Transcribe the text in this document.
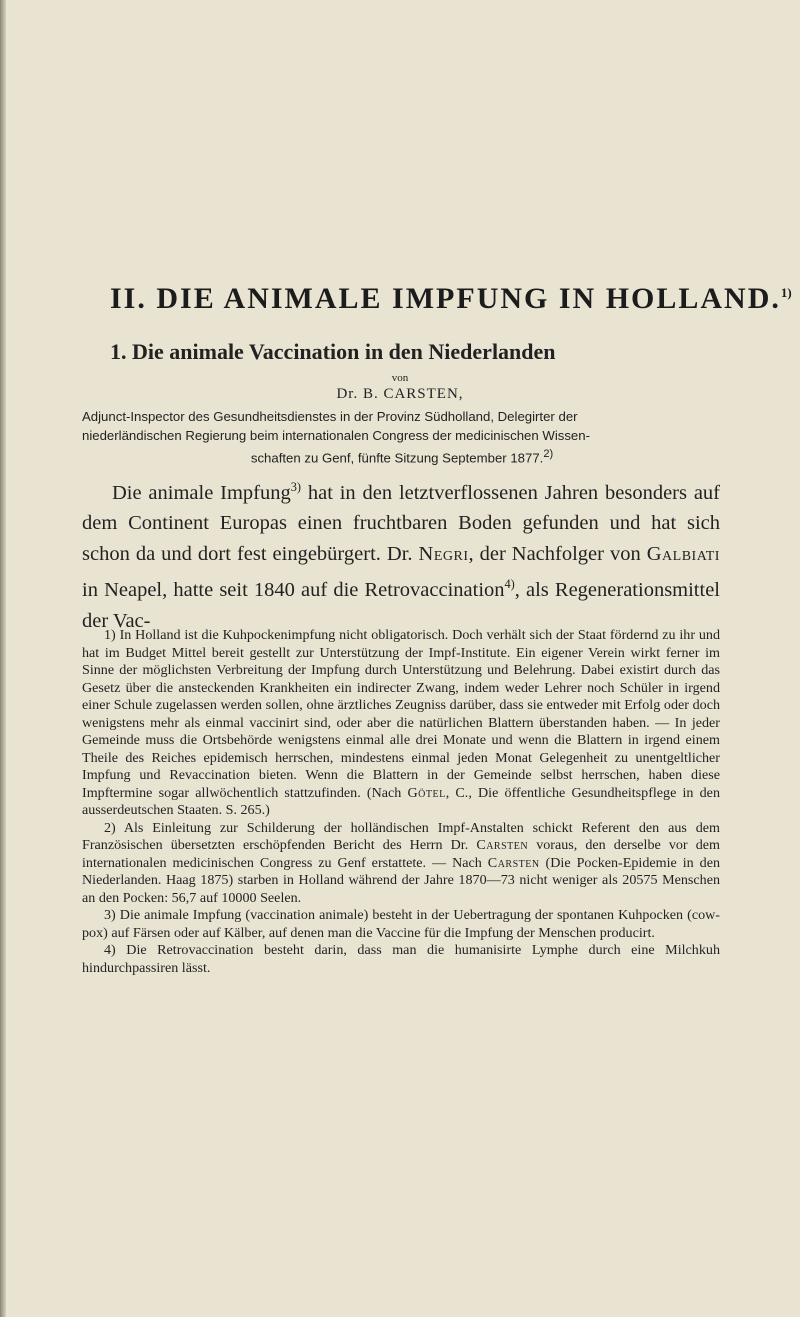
II. DIE ANIMALE IMPFUNG IN HOLLAND.$^{1)}$
1. Die animale Vaccination in den Niederlanden
von
Dr. B. CARSTEN,
Adjunct-Inspector des Gesundheitsdienstes in der Provinz Südholland, Delegirter der
niederländischen Regierung beim internationalen Congress der medicinischen Wissen-
schaften zu Genf, fünfte Sitzung September 1877.$^{2)}$

Die animale Impfung$^{3)}$ hat in den letztverflossenen Jahren besonders auf dem Continent Europas einen fruchtbaren Boden gefunden und hat sich schon da und dort fest eingebürgert. Dr. Negri, der Nachfolger von Galbiati in Neapel, hatte seit 1840 auf die Retrovaccination$^{4)}$, als Regenerationsmittel der Vac-

1) In Holland ist die Kuhpockenimpfung nicht obligatorisch. Doch verhält sich der Staat fördernd zu ihr und hat im Budget Mittel bereit gestellt zur Unterstützung der Impf-Institute. Ein eigener Verein wirkt ferner im Sinne der möglichsten Verbreitung der Impfung durch Unterstützung und Belehrung. Dabei existirt durch das Gesetz über die ansteckenden Krankheiten ein indirecter Zwang, indem weder Lehrer noch Schüler in irgend einer Schule zugelassen werden sollen, ohne ärztliches Zeugniss darüber, dass sie entweder mit Erfolg oder doch wenigstens mehr als einmal vaccinirt sind, oder aber die natürlichen Blattern überstanden haben. — In jeder Gemeinde muss die Ortsbehörde wenigstens einmal alle drei Monate und wenn die Blattern in irgend einem Theile des Reiches epidemisch herrschen, mindestens einmal jeden Monat Gelegenheit zu unentgeltlicher Impfung und Revaccination bieten. Wenn die Blattern in der Gemeinde selbst herrschen, haben diese Impftermine sogar allwöchentlich stattzufinden. (Nach Götel, C., Die öffentliche Gesundheitspflege in den ausserdeutschen Staaten. S. 265.)

2) Als Einleitung zur Schilderung der holländischen Impf-Anstalten schickt Referent den aus dem Französischen übersetzten erschöpfenden Bericht des Herrn Dr. Carsten voraus, den derselbe vor dem internationalen medicinischen Congress zu Genf erstattete. — Nach Carsten (Die Pocken-Epidemie in den Niederlanden. Haag 1875) starben in Holland während der Jahre 1870—73 nicht weniger als 20575 Menschen an den Pocken: 56,7 auf 10000 Seelen.

3) Die animale Impfung (vaccination animale) besteht in der Uebertragung der spontanen Kuhpocken (cow-pox) auf Färsen oder auf Kälber, auf denen man die Vaccine für die Impfung der Menschen producirt.

4) Die Retrovaccination besteht darin, dass man die humanisirte Lymphe durch eine Milchkuh hindurchpassiren lässt.
